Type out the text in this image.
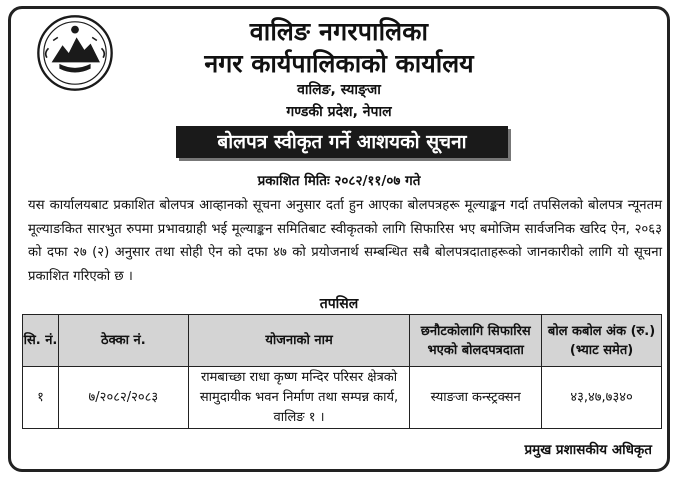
वालिङ नगरपालिका
नगर कार्यपालिकाको कार्यालय
वालिङ, स्याङ्जा
गण्डकी प्रदेश, नेपाल
बोलपत्र स्वीकृत गर्ने आशयको सूचना
प्रकाशित मितिः २०८२/११/०७ गते

यस कार्यालयबाट प्रकाशित बोलपत्र आव्हानको सूचना अनुसार दर्ता हुन आएका बोलपत्रहरू मूल्याङ्कन गर्दा तपसिलको बोलपत्र न्यूनतम मूल्याङकित सारभुत रुपमा प्रभावग्राही भई मूल्याङ्कन समितिबाट स्वीकृतको लागि सिफारिस भए बमोजिम सार्वजनिक खरिद ऐन, २०६३ को दफा २७ (२) अनुसार तथा सोही ऐन को दफा ४७ को प्रयोजनार्थ सम्बन्धित सबै बोलपत्रदाताहरूको जानकारीको लागि यो सूचना प्रकाशित गरिएको छ ।

तपसिल
सि. नं.	ठेक्का नं.	योजनाको नाम	छनौटकोलागि सिफारिस भएको बोलदपत्रदाता	बोल कबोल अंक (रु.) (भ्याट समेत)
१	७/२०८२/२०८३	रामबाच्छा राधा कृष्ण मन्दिर परिसर क्षेत्रको सामुदायीक भवन निर्माण तथा सम्पन्न कार्य, वालिङ १ ।	स्याङजा कन्स्ट्रक्सन	४३,४७,७३४०
प्रमुख प्रशासकीय अधिकृत
